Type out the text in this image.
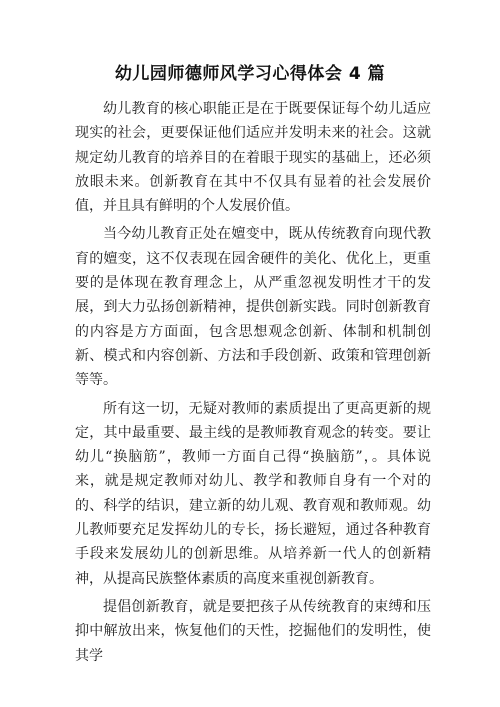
幼儿园师德师风学习心得体会 4 篇

幼儿教育的核心职能正是在于既要保证每个幼儿适应现实的社会，更要保证他们适应并发明未来的社会。这就规定幼儿教育的培养目的在着眼于现实的基础上，还必须放眼未来。创新教育在其中不仅具有显着的社会发展价值，并且具有鲜明的个人发展价值。

当今幼儿教育正处在嬗变中，既从传统教育向现代教育的嬗变，这不仅表现在园舍硬件的美化、优化上，更重要的是体现在教育理念上，从严重忽视发明性才干的发展，到大力弘扬创新精神，提供创新实践。同时创新教育的内容是方方面面，包含思想观念创新、体制和机制创新、模式和内容创新、方法和手段创新、政策和管理创新等等。

所有这一切，无疑对教师的素质提出了更高更新的规定，其中最重要、最主线的是教师教育观念的转变。要让幼儿“换脑筋”，教师一方面自己得“换脑筋”，。具体说来，就是规定教师对幼儿、教学和教师自身有一个对的的、科学的结识，建立新的幼儿观、教育观和教师观。幼儿教师要充足发挥幼儿的专长，扬长避短，通过各种教育手段来发展幼儿的创新思维。从培养新一代人的创新精神，从提高民族整体素质的高度来重视创新教育。

提倡创新教育，就是要把孩子从传统教育的束缚和压抑中解放出来，恢复他们的天性，挖掘他们的发明性，使其学
